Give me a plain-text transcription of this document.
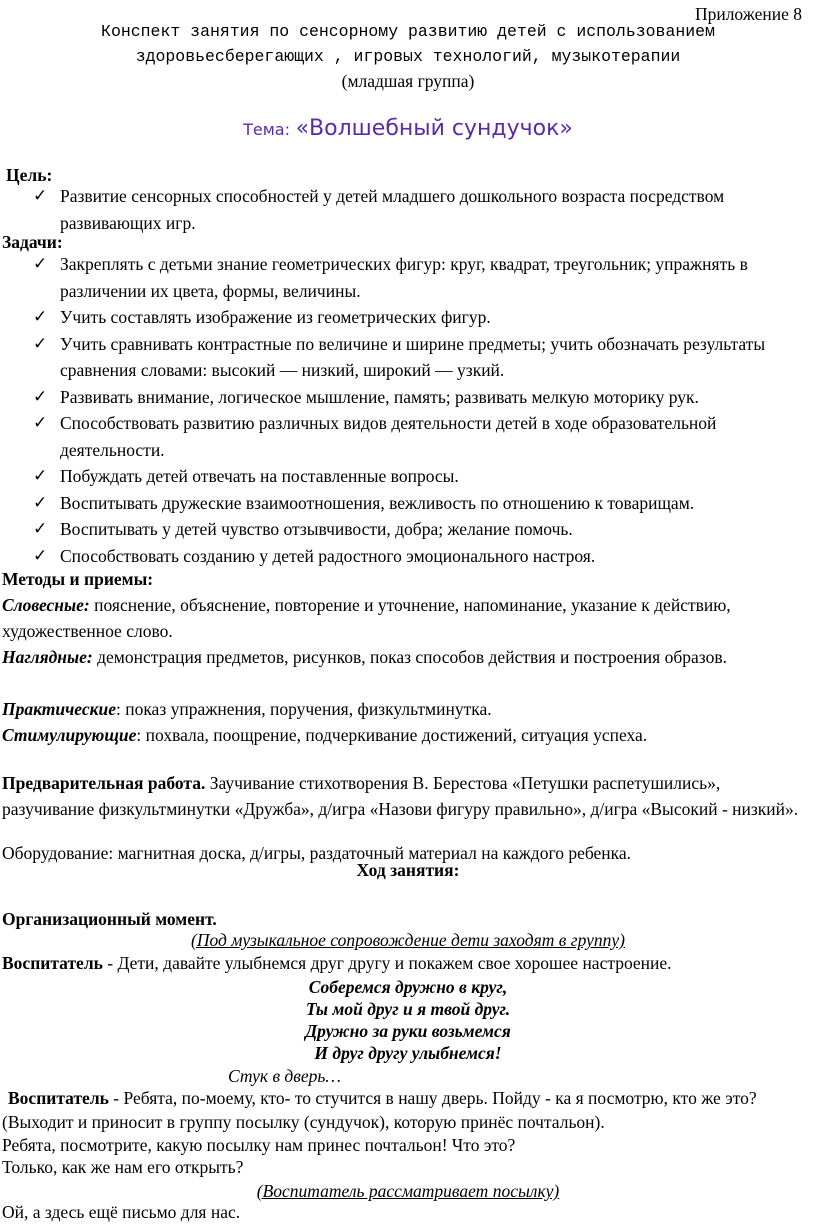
Приложение 8
Конспект занятия по сенсорному развитию детей с использованием
здоровьесберегающих , игровых технологий, музыкотерапии
(младшая группа)
Тема: «Волшебный сундучок»
Цель:
✓ Развитие сенсорных способностей у детей младшего дошкольного возраста посредством развивающих игр.
Задачи:
✓ Закреплять с детьми знание геометрических фигур: круг, квадрат, треугольник; упражнять в различении их цвета, формы, величины.
✓ Учить составлять изображение из геометрических фигур.
✓ Учить сравнивать контрастные по величине и ширине предметы; учить обозначать результаты сравнения словами: высокий — низкий, широкий — узкий.
✓ Развивать внимание, логическое мышление, память; развивать мелкую моторику рук.
✓ Способствовать развитию различных видов деятельности детей в ходе образовательной деятельности.
✓ Побуждать детей отвечать на поставленные вопросы.
✓ Воспитывать дружеские взаимоотношения, вежливость по отношению к товарищам.
✓ Воспитывать у детей чувство отзывчивости, добра; желание помочь.
✓ Способствовать созданию у детей радостного эмоционального настроя.
Методы и приемы:
Словесные: пояснение, объяснение, повторение и уточнение, напоминание, указание к действию, художественное слово.
Наглядные: демонстрация предметов, рисунков, показ способов действия и построения образов.
Практические: показ упражнения, поручения, физкультминутка.
Стимулирующие: похвала, поощрение, подчеркивание достижений, ситуация успеха.
Предварительная работа. Заучивание стихотворения В. Берестова «Петушки распетушились», разучивание физкультминутки «Дружба», д/игра «Назови фигуру правильно», д/игра «Высокий - низкий».
Оборудование: магнитная доска, д/игры, раздаточный материал на каждого ребенка.
Ход занятия:
Организационный момент.
(Под музыкальное сопровождение дети заходят в группу)
Воспитатель - Дети, давайте улыбнемся друг другу и покажем свое хорошее настроение.
Соберемся дружно в круг,
Ты мой друг и я твой друг.
Дружно за руки возьмемся
И друг другу улыбнемся!
Стук в дверь…
Воспитатель - Ребята, по-моему, кто- то стучится в нашу дверь. Пойду - ка я посмотрю, кто же это? (Выходит и приносит в группу посылку (сундучок), которую принёс почтальон).
Ребята, посмотрите, какую посылку нам принес почтальон! Что это?
Только, как же нам его открыть?
(Воспитатель рассматривает посылку)
Ой, а здесь ещё письмо для нас.
